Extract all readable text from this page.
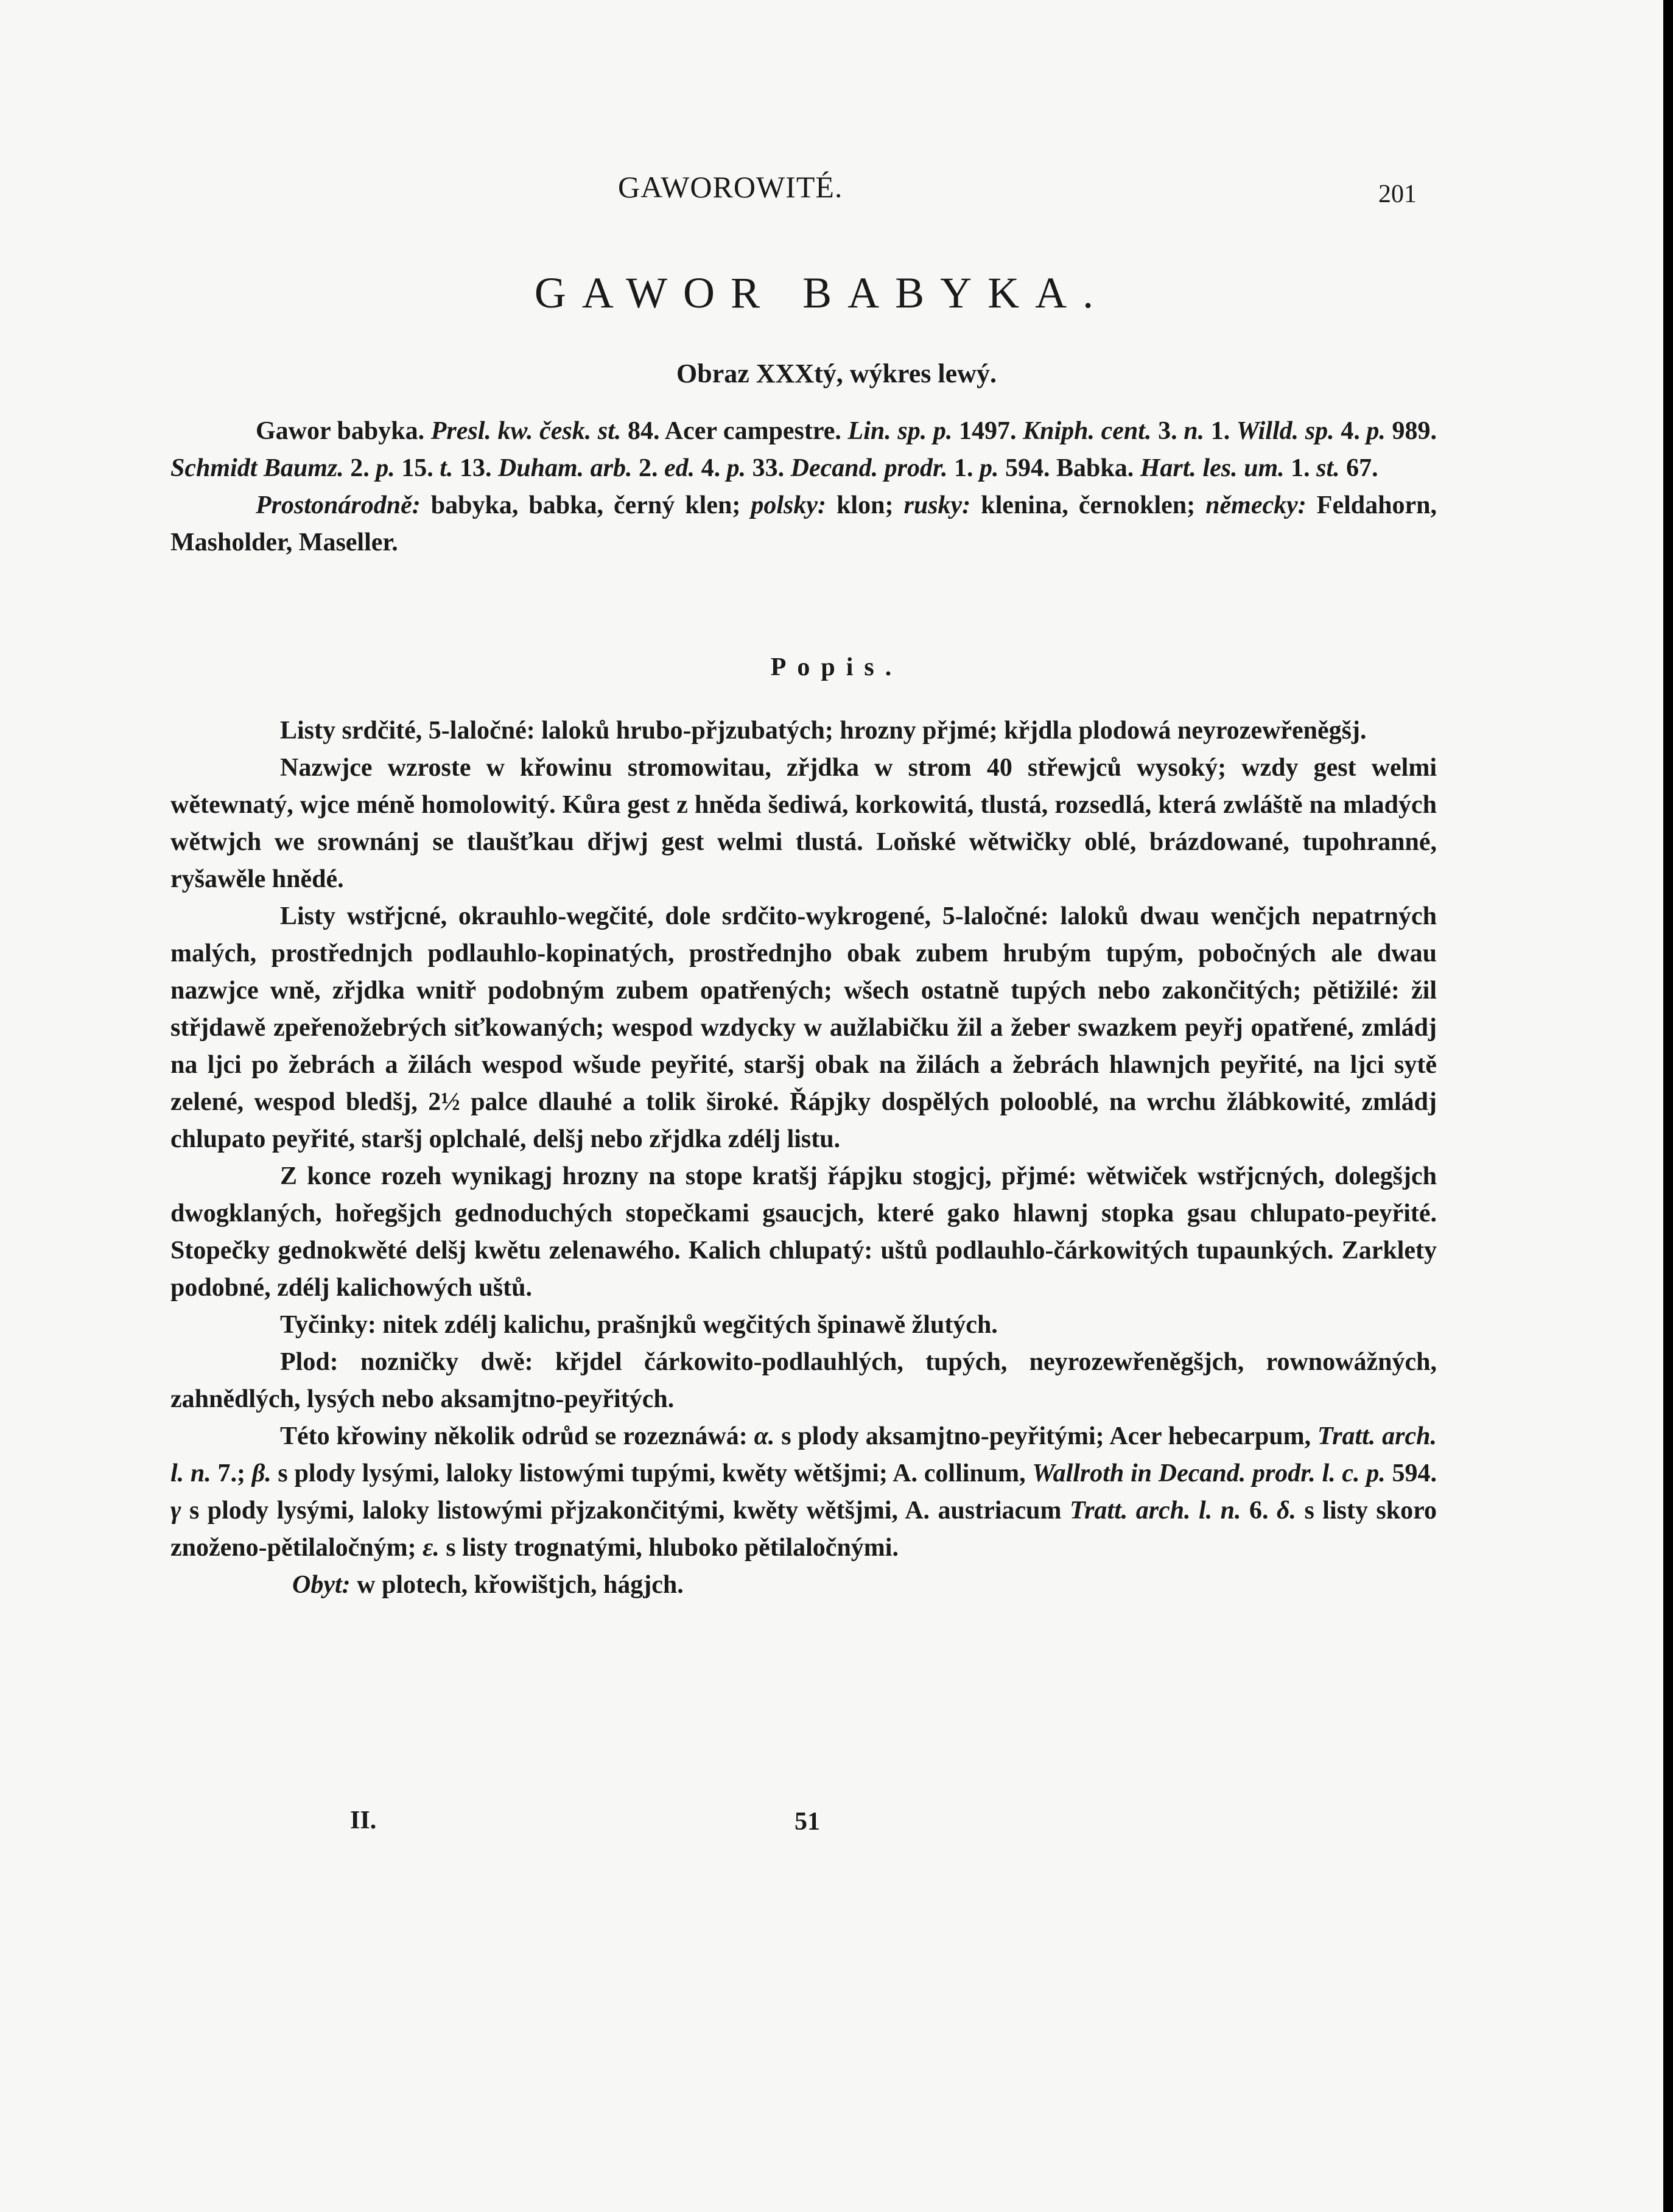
GAWOROWITÉ.	201
GAWOR BABYKA.
Obraz XXXtý, wýkres lewý.

Gawor babyka. Presl. kw. česk. st. 84. Acer campestre. Lin. sp. p. 1497. Kniph. cent. 3. n. 1. Willd. sp. 4. p. 989. Schmidt Baumz. 2. p. 15. t. 13. Duham. arb. 2. ed. 4. p. 33. Decand. prodr. 1. p. 594. Babka. Hart. les. um. 1. st. 67.

Prostonárodně: babyka, babka, černý klen; polsky: klon; rusky: klenina, černoklen; německy: Feldahorn, Masholder, Maseller.

Popis.

Listy srdčité, 5-laločné: laloků hrubo-přjzubatých; hrozny přjmé; křjdla plodowá neyrozewřeněgšj.

Nazwjce wzroste w křowinu stromowitau, zřjdka w strom 40 střewjců wysoký; wzdy gest welmi wětewnatý, wjce méně homolowitý. Kůra gest z hněda šediwá, korkowitá, tlustá, rozsedlá, která zwláště na mladých wětwjch we srownánj se tlaušťkau dřjwj gest welmi tlustá. Loňské wětwičky oblé, brázdowané, tupohranné, ryšawěle hnědé.

Listy wstřjcné, okrauhlo-wegčité, dole srdčito-wykrogené, 5-laločné: laloků dwau wenčjch nepatrných malých, prostřednjch podlauhlo-kopinatých, prostřednjho obak zubem hrubým tupým, pobočných ale dwau nazwjce wně, zřjdka wnitř podobným zubem opatřených; wšech ostatně tupých nebo zakončitých; pětižilé: žil střjdawě zpeřenožebrých siťkowaných; wespod wzdycky w aužlabičku žil a žeber swazkem peyřj opatřené, zmládj na ljci po žebrách a žilách wespod wšude peyřité, staršj obak na žilách a žebrách hlawnjch peyřité, na ljci sytě zelené, wespod bledšj, 2½ palce dlauhé a tolik široké. Řápjky dospělých polooblé, na wrchu žlábkowité, zmládj chlupato peyřité, staršj oplchalé, delšj nebo zřjdka zdélj listu.

Z konce rozeh wynikagj hrozny na stope kratšj řápjku stogjcj, přjmé: wětwiček wstřjcných, dolegšjch dwogklaných, hořegšjch gednoduchých stopečkami gsaucjch, které gako hlawnj stopka gsau chlupato-peyřité. Stopečky gednokwěté delšj kwětu zelenawého. Kalich chlupatý: uštů podlauhlo-čárkowitých tupaunkých. Zarklety podobné, zdélj kalichowých uštů.

Tyčinky: nitek zdélj kalichu, prašnjků wegčitých špinawě žlutých.

Plod: nozničky dwě: křjdel čárkowito-podlauhlých, tupých, neyrozewřeněgšjch, rownowážných, zahnědlých, lysých nebo aksamjtno-peyřitých.

Této křowiny několik odrůd se rozeznáwá: α. s plody aksamjtno-peyřitými; Acer hebecarpum, Tratt. arch. l. n. 7.; β. s plody lysými, laloky listowými tupými, kwěty wětšjmi; A. collinum, Wallroth in Decand. prodr. l. c. p. 594. γ s plody lysými, laloky listowými přjzakončitými, kwěty wětšjmi, A. austriacum Tratt. arch. l. n. 6. δ. s listy skoro znoženo-pětilaločným; ε. s listy trognatými, hluboko pětilaločnými.

Obyt: w plotech, křowištjch, hágjch.

II.	51
